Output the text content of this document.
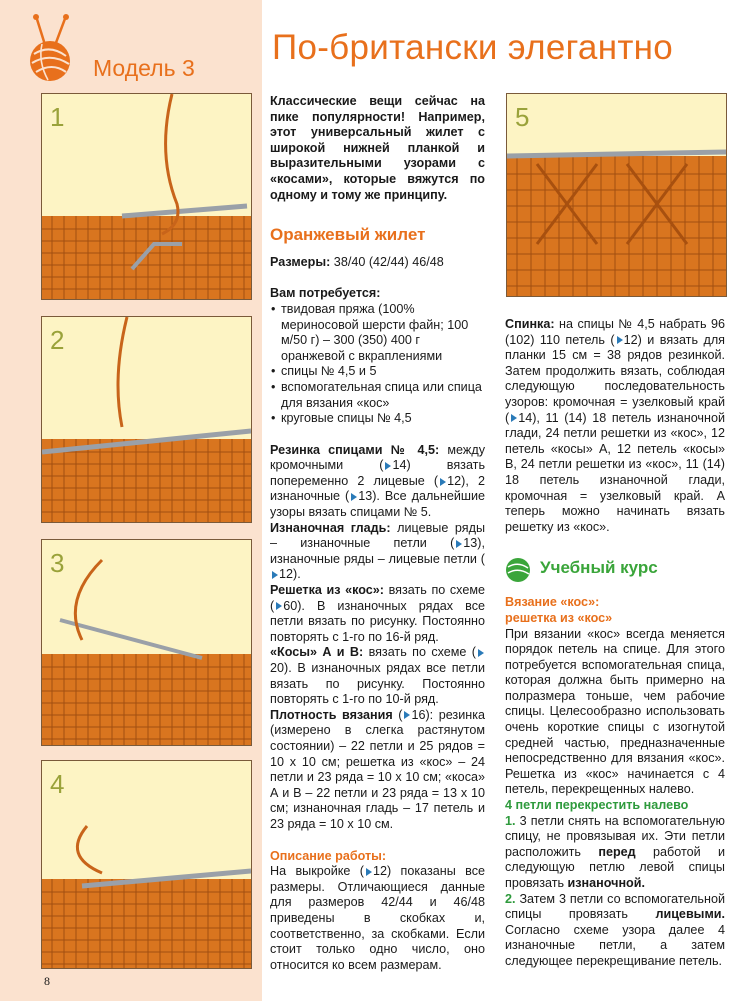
Модель 3
По-британски элегантно
1
2
3
4
5

Классические вещи сейчас на пике популярности! Например, этот универсальный жилет с широкой нижней планкой и выразительными узорами с «косами», которые вяжутся по одному и тому же принципу.

Оранжевый жилет

Размеры: 38/40 (42/44) 46/48

Вам потребуется:

• твидовая пряжа (100% мериносовой шерсти файн; 100 м/50 г) – 300 (350) 400 г оранжевой с вкраплениями
• спицы № 4,5 и 5
• вспомогательная спица или спица для вязания «кос»
• круговые спицы № 4,5

Резинка спицами № 4,5: между кромочными ( 14) вязать попеременно 2 лицевые ( 12), 2 изнаночные ( 13). Все дальнейшие узоры вязать спицами № 5.

Изнаночная гладь: лицевые ряды – изнаночные петли ( 13), изнаночные ряды – лицевые петли (12).

Решетка из «кос»: вязать по схеме ( 60). В изнаночных рядах все петли вязать по рисунку. Постоянно повторять с 1-го по 16-й ряд.

«Косы» А и В: вязать по схеме (20). В изнаночных рядах все петли вязать по рисунку. Постоянно повторять с 1-го по 10-й ряд.

Плотность вязания ( 16): резинка (измерено в слегка растянутом состоянии) – 22 петли и 25 рядов = 10 x 10 см; решетка из «кос» – 24 петли и 23 ряда = 10 x 10 см; «коса» А и В – 22 петли и 23 ряда = 13 x 10 см; изнаночная гладь – 17 петель и 23 ряда = 10 x 10 см.

Описание работы:

На выкройке ( 12) показаны все размеры. Отличающиеся данные для размеров 42/44 и 46/48 приведены в скобках и, соответственно, за скобками. Если стоит только одно число, оно относится ко всем размерам.

Спинка: на спицы № 4,5 набрать 96 (102) 110 петель ( 12) и вязать для планки 15 см = 38 рядов резинкой. Затем продолжить вязать, соблюдая следующую последовательность узоров: кромочная = узелковый край ( 14), 11 (14) 18 петель изнаночной глади, 24 петли решетки из «кос», 12 петель «косы» А, 12 петель «косы» В, 24 петли решетки из «кос», 11 (14) 18 петель изнаночной глади, кромочная = узелковый край. А теперь можно начинать вязать решетку из «кос».

Учебный курс

Вязание «кос»:

решетка из «кос»

При вязании «кос» всегда меняется порядок петель на спице. Для этого потребуется вспомогательная спица, которая должна быть примерно на полразмера тоньше, чем рабочие спицы. Целесообразно использовать очень короткие спицы с изогнутой средней частью, предназначенные непосредственно для вязания «кос». Решетка из «кос» начинается с 4 петель, перекрещенных налево.

4 петли перекрестить налево

1. 3 петли снять на вспомогательную спицу, не провязывая их. Эти петли расположить перед работой и следующую петлю левой спицы провязать изнаночной.

2. Затем 3 петли со вспомогательной спицы провязать лицевыми. Согласно схеме узора далее 4 изнаночные петли, а затем следующее перекрещивание петель.

8
